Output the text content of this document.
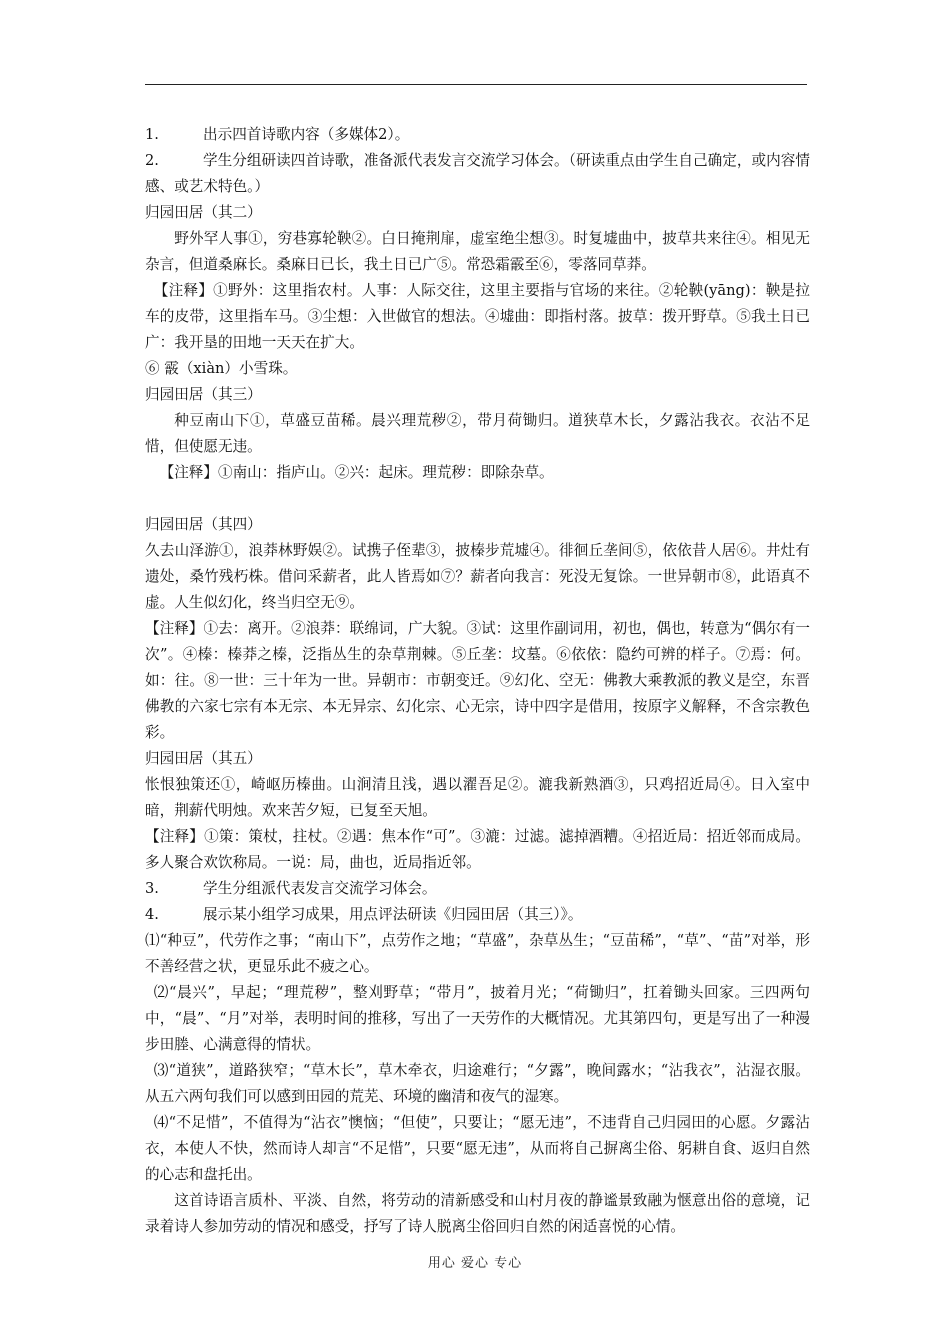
1.	出示四首诗歌内容（多媒体2）。

2.	学生分组研读四首诗歌，准备派代表发言交流学习体会。（研读重点由学生自己确定，或内容情感、或艺术特色。）

归园田居（其二）

野外罕人事①，穷巷寡轮鞅②。白日掩荆扉，虚室绝尘想③。时复墟曲中，披草共来往④。相见无杂言，但道桑麻长。桑麻日已长，我土日已广⑤。常恐霜霰至⑥，零落同草莽。

【注释】①野外：这里指农村。人事：人际交往，这里主要指与官场的来往。②轮鞅(yāng)：鞅是拉车的皮带，这里指车马。③尘想：入世做官的想法。④墟曲：即指村落。披草：拨开野草。⑤我土日已广：我开垦的田地一天天在扩大。

⑥ 霰（xiàn）小雪珠。

归园田居（其三）

种豆南山下①，草盛豆苗稀。晨兴理荒秽②，带月荷锄归。道狭草木长，夕露沾我衣。衣沾不足惜，但使愿无违。

【注释】①南山：指庐山。②兴：起床。理荒秽：即除杂草。

归园田居（其四）

久去山泽游①，浪莽林野娱②。试携子侄辈③，披榛步荒墟④。徘徊丘垄间⑤，依依昔人居⑥。井灶有遗处，桑竹残朽株。借问采薪者，此人皆焉如⑦？薪者向我言：死没无复馀。一世异朝市⑧，此语真不虚。人生似幻化，终当归空无⑨。

【注释】①去：离开。②浪莽：联绵词，广大貌。③试：这里作副词用，初也，偶也，转意为“偶尔有一次”。④榛：榛莽之榛，泛指丛生的杂草荆棘。⑤丘垄：坟墓。⑥依依：隐约可辨的样子。⑦焉：何。如：往。⑧一世：三十年为一世。异朝市：市朝变迁。⑨幻化、空无：佛教大乘教派的教义是空，东晋佛教的六家七宗有本无宗、本无异宗、幻化宗、心无宗，诗中四字是借用，按原字义解释，不含宗教色彩。

归园田居（其五）

怅恨独策还①，崎岖历榛曲。山涧清且浅，遇以濯吾足②。漉我新熟酒③，只鸡招近局④。日入室中暗，荆薪代明烛。欢来苦夕短，已复至天旭。

【注释】①策：策杖，拄杖。②遇：焦本作“可”。③漉：过滤。滤掉酒糟。④招近局：招近邻而成局。多人聚合欢饮称局。一说：局，曲也，近局指近邻。

3.	学生分组派代表发言交流学习体会。

4.	展示某小组学习成果，用点评法研读《归园田居（其三）》。

⑴“种豆”，代劳作之事；“南山下”，点劳作之地；“草盛”，杂草丛生；“豆苗稀”，“草”、“苗”对举，形不善经营之状，更显乐此不疲之心。

⑵“晨兴”，早起；“理荒秽”，整刈野草；“带月”，披着月光；“荷锄归”，扛着锄头回家。三四两句中，“晨”、“月”对举，表明时间的推移，写出了一天劳作的大概情况。尤其第四句，更是写出了一种漫步田塍、心满意得的情状。

⑶“道狭”，道路狭窄；“草木长”，草木牵衣，归途难行；“夕露”，晚间露水；“沾我衣”，沾湿衣服。从五六两句我们可以感到田园的荒芜、环境的幽清和夜气的湿寒。

⑷“不足惜”，不值得为“沾衣”懊恼；“但使”，只要让；“愿无违”，不违背自己归园田的心愿。夕露沾衣，本使人不快，然而诗人却言“不足惜”，只要“愿无违”，从而将自己摒离尘俗、躬耕自食、返归自然的心志和盘托出。

这首诗语言质朴、平淡、自然，将劳动的清新感受和山村月夜的静谧景致融为惬意出俗的意境，记录着诗人参加劳动的情况和感受，抒写了诗人脱离尘俗回归自然的闲适喜悦的心情。

用心 爱心 专心
